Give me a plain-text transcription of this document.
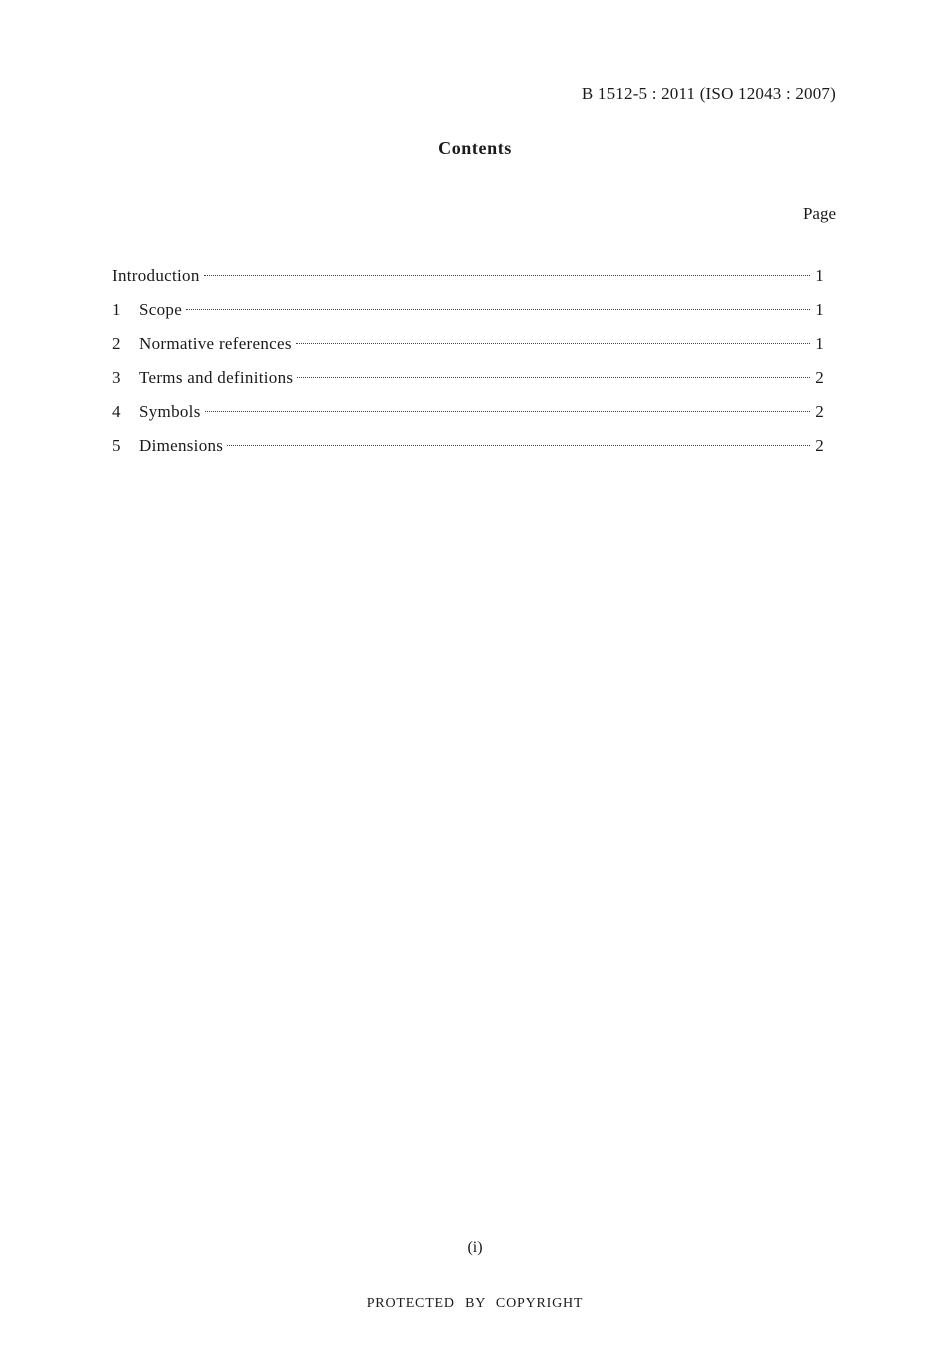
B 1512-5 : 2011 (ISO 12043 : 2007)
Contents
Page
Introduction	1
1	Scope	1
2	Normative references	1
3	Terms and definitions	2
4	Symbols	2
5	Dimensions	2
(i)
PROTECTED BY COPYRIGHT
